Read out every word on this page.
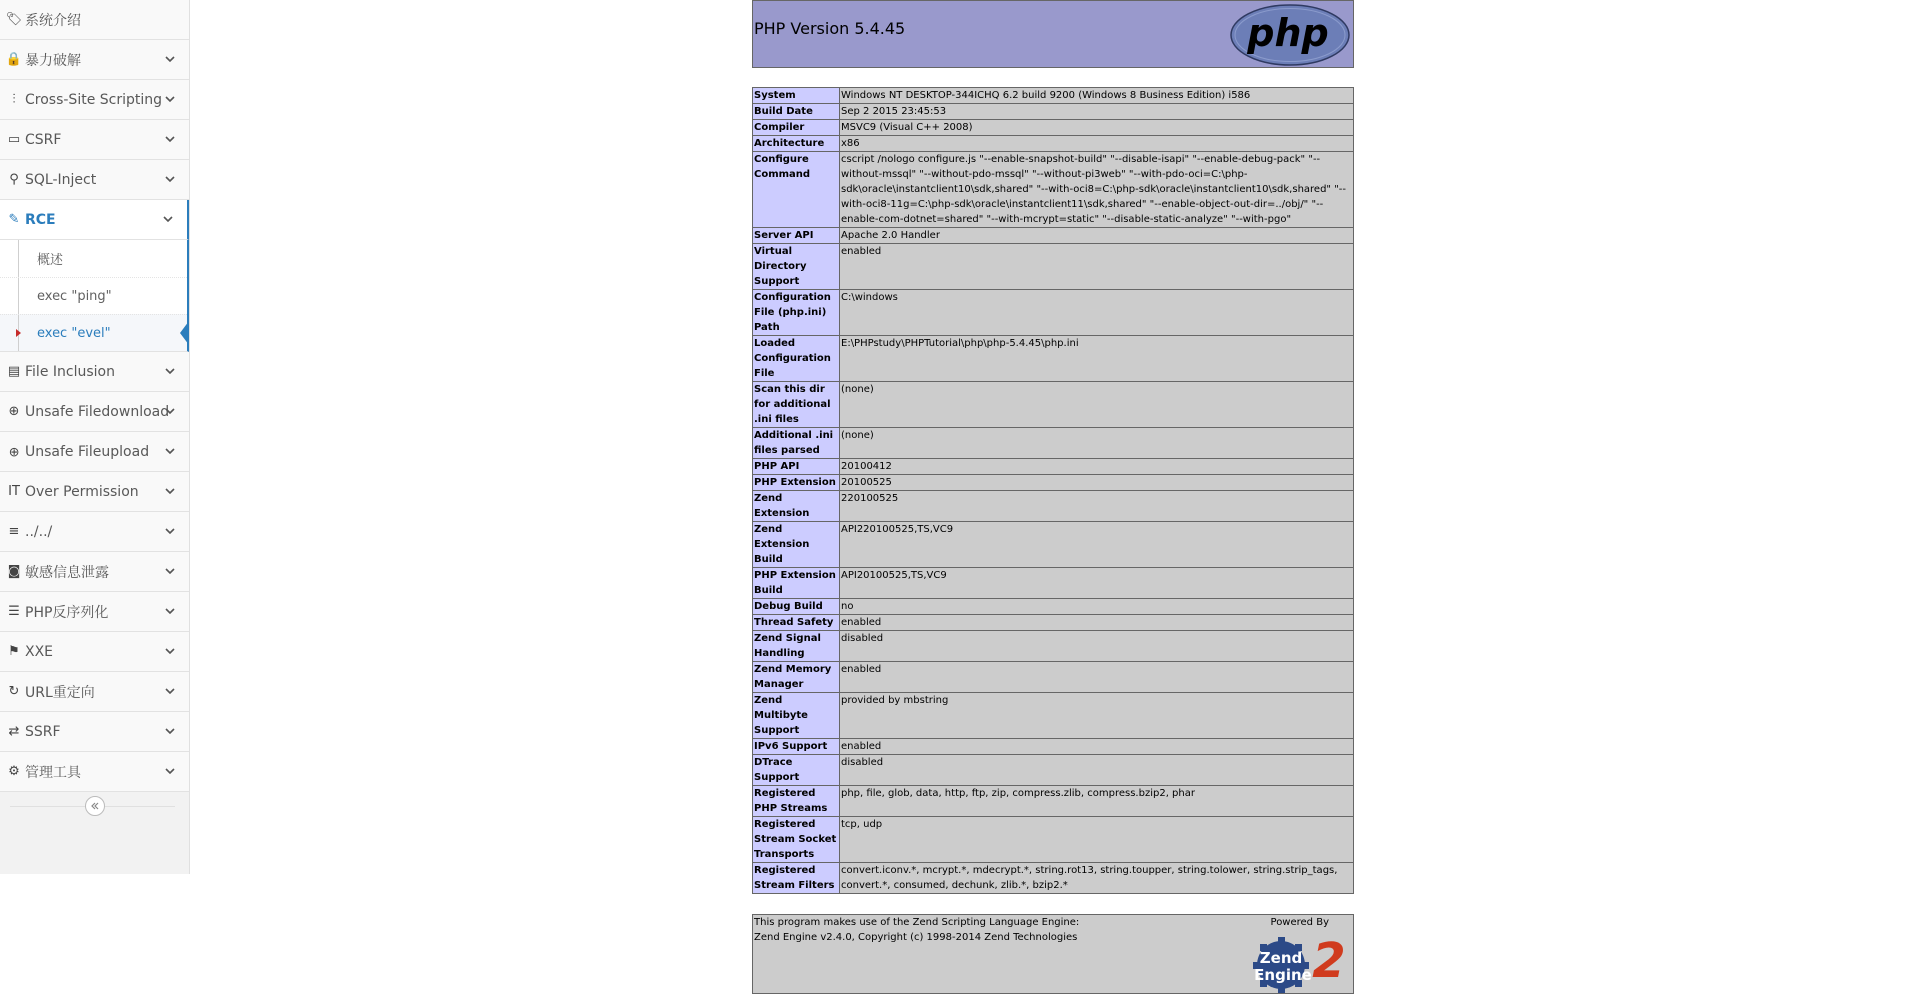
🏷 系统介绍
🔒 暴力破解
⫶ Cross-Site Scripting
▭ CSRF
⚲ SQL-Inject
✎ RCE
概述
exec "ping"
exec "evel"
▤ File Inclusion
⊕ Unsafe Filedownload
⊕ Unsafe Fileupload
IT Over Permission
≡ ../../
◙ 敏感信息泄露
☰ PHP反序列化
⚑ XXE
↻ URL重定向
⇄ SSRF
⚙ 管理工具
PHP Version 5.4.45	php
System	Windows NT DESKTOP-344ICHQ 6.2 build 9200 (Windows 8 Business Edition) i586
Build Date	Sep 2 2015 23:45:53
Compiler	MSVC9 (Visual C++ 2008)
Architecture	x86
Configure Command	cscript /nologo configure.js "--enable-snapshot-build" "--disable-isapi" "--enable-debug-pack" "--without-mssql" "--without-pdo-mssql" "--without-pi3web" "--with-pdo-oci=C:\php-sdk\oracle\instantclient10\sdk,shared" "--with-oci8=C:\php-sdk\oracle\instantclient10\sdk,shared" "--with-oci8-11g=C:\php-sdk\oracle\instantclient11\sdk,shared" "--enable-object-out-dir=../obj/" "--enable-com-dotnet=shared" "--with-mcrypt=static" "--disable-static-analyze" "--with-pgo"
Server API	Apache 2.0 Handler
Virtual Directory Support	enabled
Configuration File (php.ini) Path	C:\windows
Loaded Configuration File	E:\PHPstudy\PHPTutorial\php\php-5.4.45\php.ini
Scan this dir for additional .ini files	(none)
Additional .ini files parsed	(none)
PHP API	20100412
PHP Extension	20100525
Zend Extension	220100525
Zend Extension Build	API220100525,TS,VC9
PHP Extension Build	API20100525,TS,VC9
Debug Build	no
Thread Safety	enabled
Zend Signal Handling	disabled
Zend Memory Manager	enabled
Zend Multibyte Support	provided by mbstring
IPv6 Support	enabled
DTrace Support	disabled
Registered PHP Streams	php, file, glob, data, http, ftp, zip, compress.zlib, compress.bzip2, phar
Registered Stream Socket Transports	tcp, udp
Registered Stream Filters	convert.iconv.*, mcrypt.*, mdecrypt.*, string.rot13, string.toupper, string.tolower, string.strip_tags, convert.*, consumed, dechunk, zlib.*, bzip2.*
This program makes use of the Zend Scripting Language Engine:
Zend Engine v2.4.0, Copyright (c) 1998-2014 Zend Technologies
Powered By
2
Zend
Engine
